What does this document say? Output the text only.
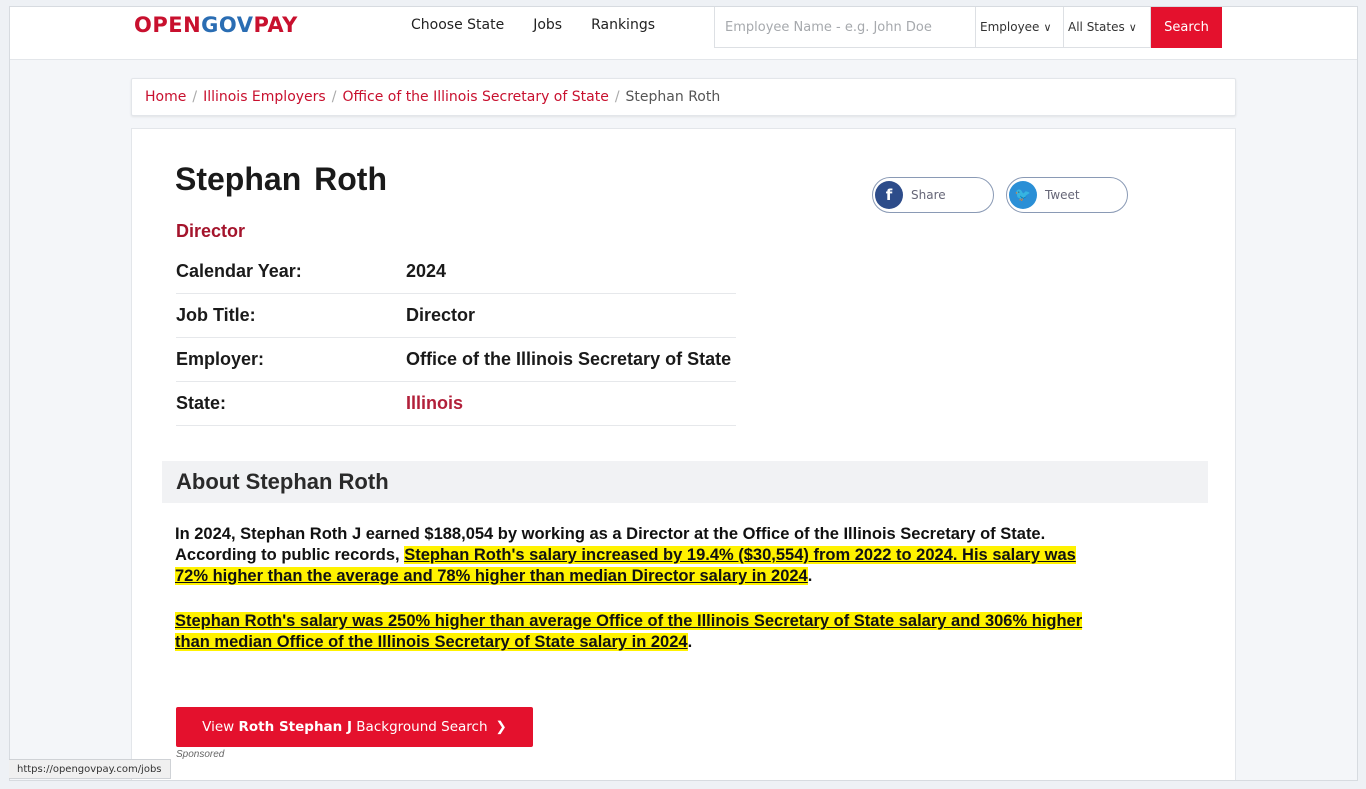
OPENGOVPAY	Choose State Jobs Rankings
Employee Name - e.g. John Doe	Employee ∨ All States ∨	Search
Home / Illinois Employers / Office of the Illinois Secretary of State / Stephan Roth
Stephan Roth
Director
f	Share	🐦	Tweet
Calendar Year:	2024
Job Title:	Director
Employer:	Office of the Illinois Secretary of State
State:	Illinois
About Stephan Roth

In 2024, Stephan Roth J earned $188,054 by working as a Director at the Office of the Illinois Secretary of State. According to public records, Stephan Roth's salary increased by 19.4% ($30,554) from 2022 to 2024. His salary was 72% higher than the average and 78% higher than median Director salary in 2024.

Stephan Roth's salary was 250% higher than average Office of the Illinois Secretary of State salary and 306% higher than median Office of the Illinois Secretary of State salary in 2024.

View
Roth Stephan J
Background Search ❯
Sponsored
https://opengovpay.com/jobs
